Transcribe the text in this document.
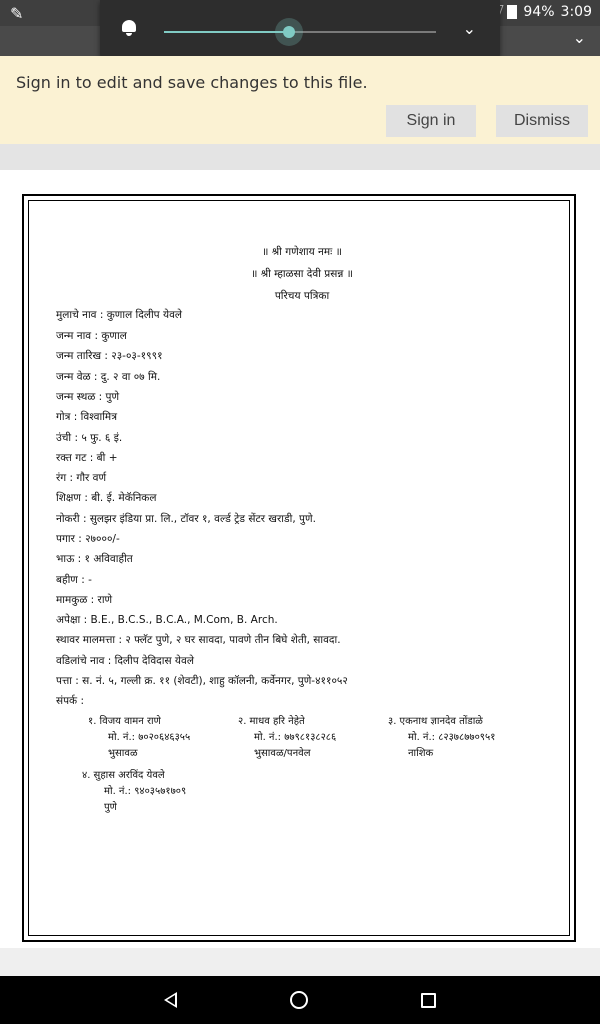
✎	94% 3:09
⌄
⌄
Sign in to edit and save changes to this file.
Sign in	Dismiss
॥ श्री गणेशाय नमः ॥
॥ श्री म्हाळसा देवी प्रसन्न ॥
परिचय पत्रिका
मुलाचे नाव : कुणाल दिलीप येवले
जन्म नाव : कुणाल
जन्म तारिख : २३-०३-१९९१
जन्म वेळ : दु. २ वा ०७ मि.
जन्म स्थळ : पुणे
गोत्र : विश्वामित्र
उंची : ५ फु. ६ इं.
रक्त गट : बी +
रंग : गौर वर्ण
शिक्षण : बी. ई. मेकॅनिकल
नोकरी : सुलझर इंडिया प्रा. लि., टॉवर १, वर्ल्ड ट्रेड सेंटर खराडी, पुणे.
पगार : २७०००/-
भाऊ : १ अविवाहीत
बहीण : -
मामकुळ : राणे
अपेक्षा : B.E., B.C.S., B.C.A., M.Com, B. Arch.
स्थावर मालमत्ता : २ फ्लॅट पुणे, २ घर सावदा, पावणे तीन बिघे शेती, सावदा.
वडिलांचे नाव : दिलीप देविदास येवले
पत्ता : स. नं. ५, गल्ली क्र. ११ (शेवटी), शाहु कॉलनी, कर्वेनगर, पुणे-४११०५२
संपर्क :
१. विजय वामन राणे
मो. नं.: ७०२०६४६३५५
भुसावळ
२. माधव हरि नेहेते
मो. नं.: ७७९८१३८२८६
भुसावळ/पनवेल
३. एकनाथ ज्ञानदेव तोंडाळे
मो. नं.: ८२३७८७७०९५१
नाशिक
४. सुहास अरविंद येवले
मो. नं.: ९४०३५७१७०९
पुणे
